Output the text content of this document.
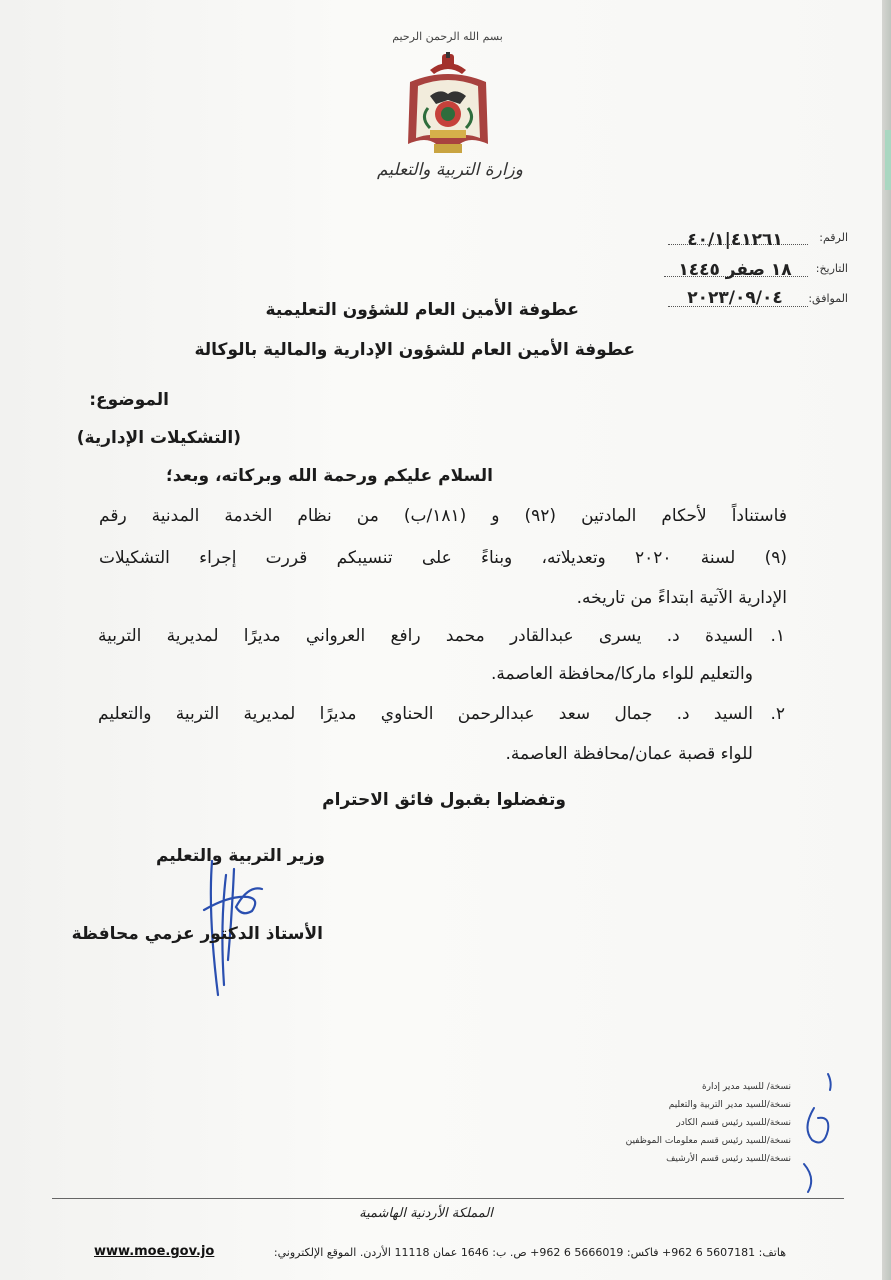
بسم الله الرحمن الرحيم
وزارة التربية والتعليم
الرقم:
٤١٢٦١|٤٠/١
التاريخ:
١٨ صفر ١٤٤٥
الموافق:
٢٠٢٣/٠٩/٠٤
عطوفة الأمين العام للشؤون التعليمية
عطوفة الأمين العام للشؤون الإدارية والمالية بالوكالة
الموضوع:
(التشكيلات الإدارية)
السلام عليكم ورحمة الله وبركاته، وبعد؛
فاستناداً لأحكام المادتين (٩٢) و (١٨١/ب) من نظام الخدمة المدنية رقم
(٩) لسنة ٢٠٢٠ وتعديلاته، وبناءً على تنسيبكم قررت إجراء التشكيلات
الإدارية الآتية ابتداءً من تاريخه.
١.
السيدة د. يسرى عبدالقادر محمد رافع العرواني مديرًا لمديرية التربية
والتعليم للواء ماركا/محافظة العاصمة.
٢.
السيد د. جمال سعد عبدالرحمن الحناوي مديرًا لمديرية التربية والتعليم
للواء قصبة عمان/محافظة العاصمة.
وتفضلوا بقبول فائق الاحترام
وزير التربية والتعليم
الأستاذ الدكتور عزمي محافظة
نسخة/ للسيد مدير إدارة
نسخة/للسيد مدير التربية والتعليم
نسخة/للسيد رئيس قسم الكادر
نسخة/للسيد رئيس قسم معلومات الموظفين
نسخة/للسيد رئيس قسم الأرشيف
المملكة الأردنية الهاشمية
هاتف: 5607181 6 962+ فاكس: 5666019 6 962+ ص. ب: 1646 عمان 11118 الأردن. الموقع الإلكتروني:
www.moe.gov.jo
